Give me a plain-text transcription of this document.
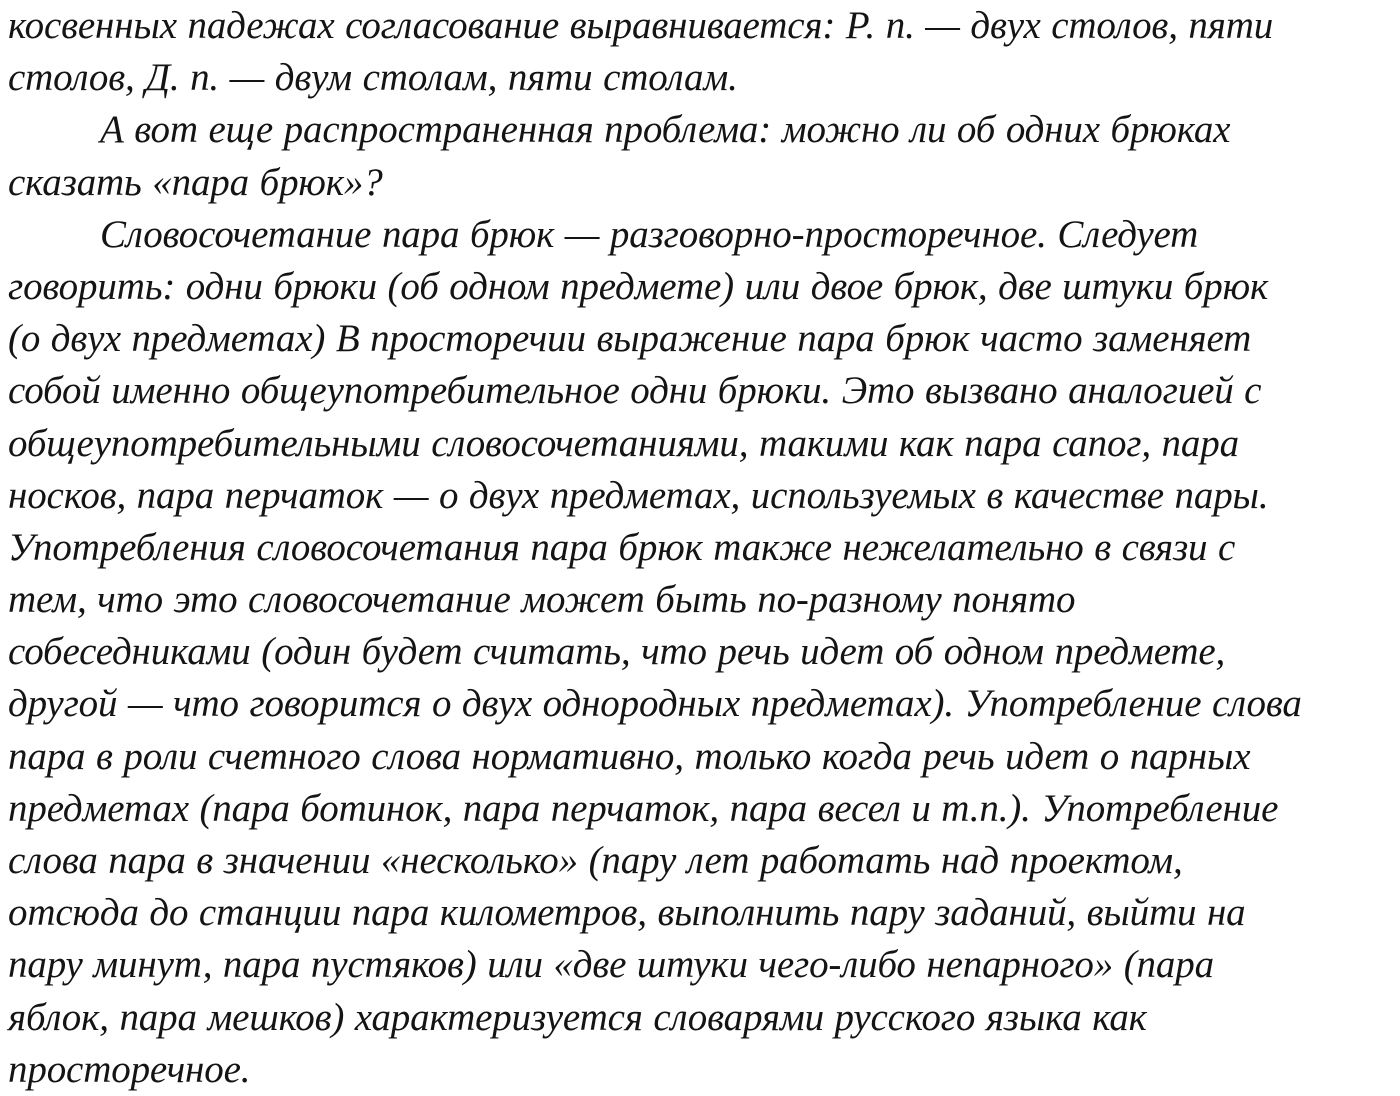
косвенных падежах согласование выравнивается: Р. п. — двух столов, пяти
столов, Д. п. — двум столам, пяти столам.
А вот еще распространенная проблема: можно ли об одних брюках
сказать «пара брюк»?
Словосочетание пара брюк — разговорно-просторечное. Следует
говорить: одни брюки (об одном предмете) или двое брюк, две штуки брюк
(о двух предметах) В просторечии выражение пара брюк часто заменяет
собой именно общеупотребительное одни брюки. Это вызвано аналогией с
общеупотребительными словосочетаниями, такими как пара сапог, пара
носков, пара перчаток — о двух предметах, используемых в качестве пары.
Употребления словосочетания пара брюк также нежелательно в связи с
тем, что это словосочетание может быть по-разному понято
собеседниками (один будет считать, что речь идет об одном предмете,
другой — что говорится о двух однородных предметах). Употребление слова
пара в роли счетного слова нормативно, только когда речь идет о парных
предметах (пара ботинок, пара перчаток, пара весел и т.п.). Употребление
слова пара в значении «несколько» (пару лет работать над проектом,
отсюда до станции пара километров, выполнить пару заданий, выйти на
пару минут, пара пустяков) или «две штуки чего-либо непарного» (пара
яблок, пара мешков) характеризуется словарями русского языка как
просторечное.
